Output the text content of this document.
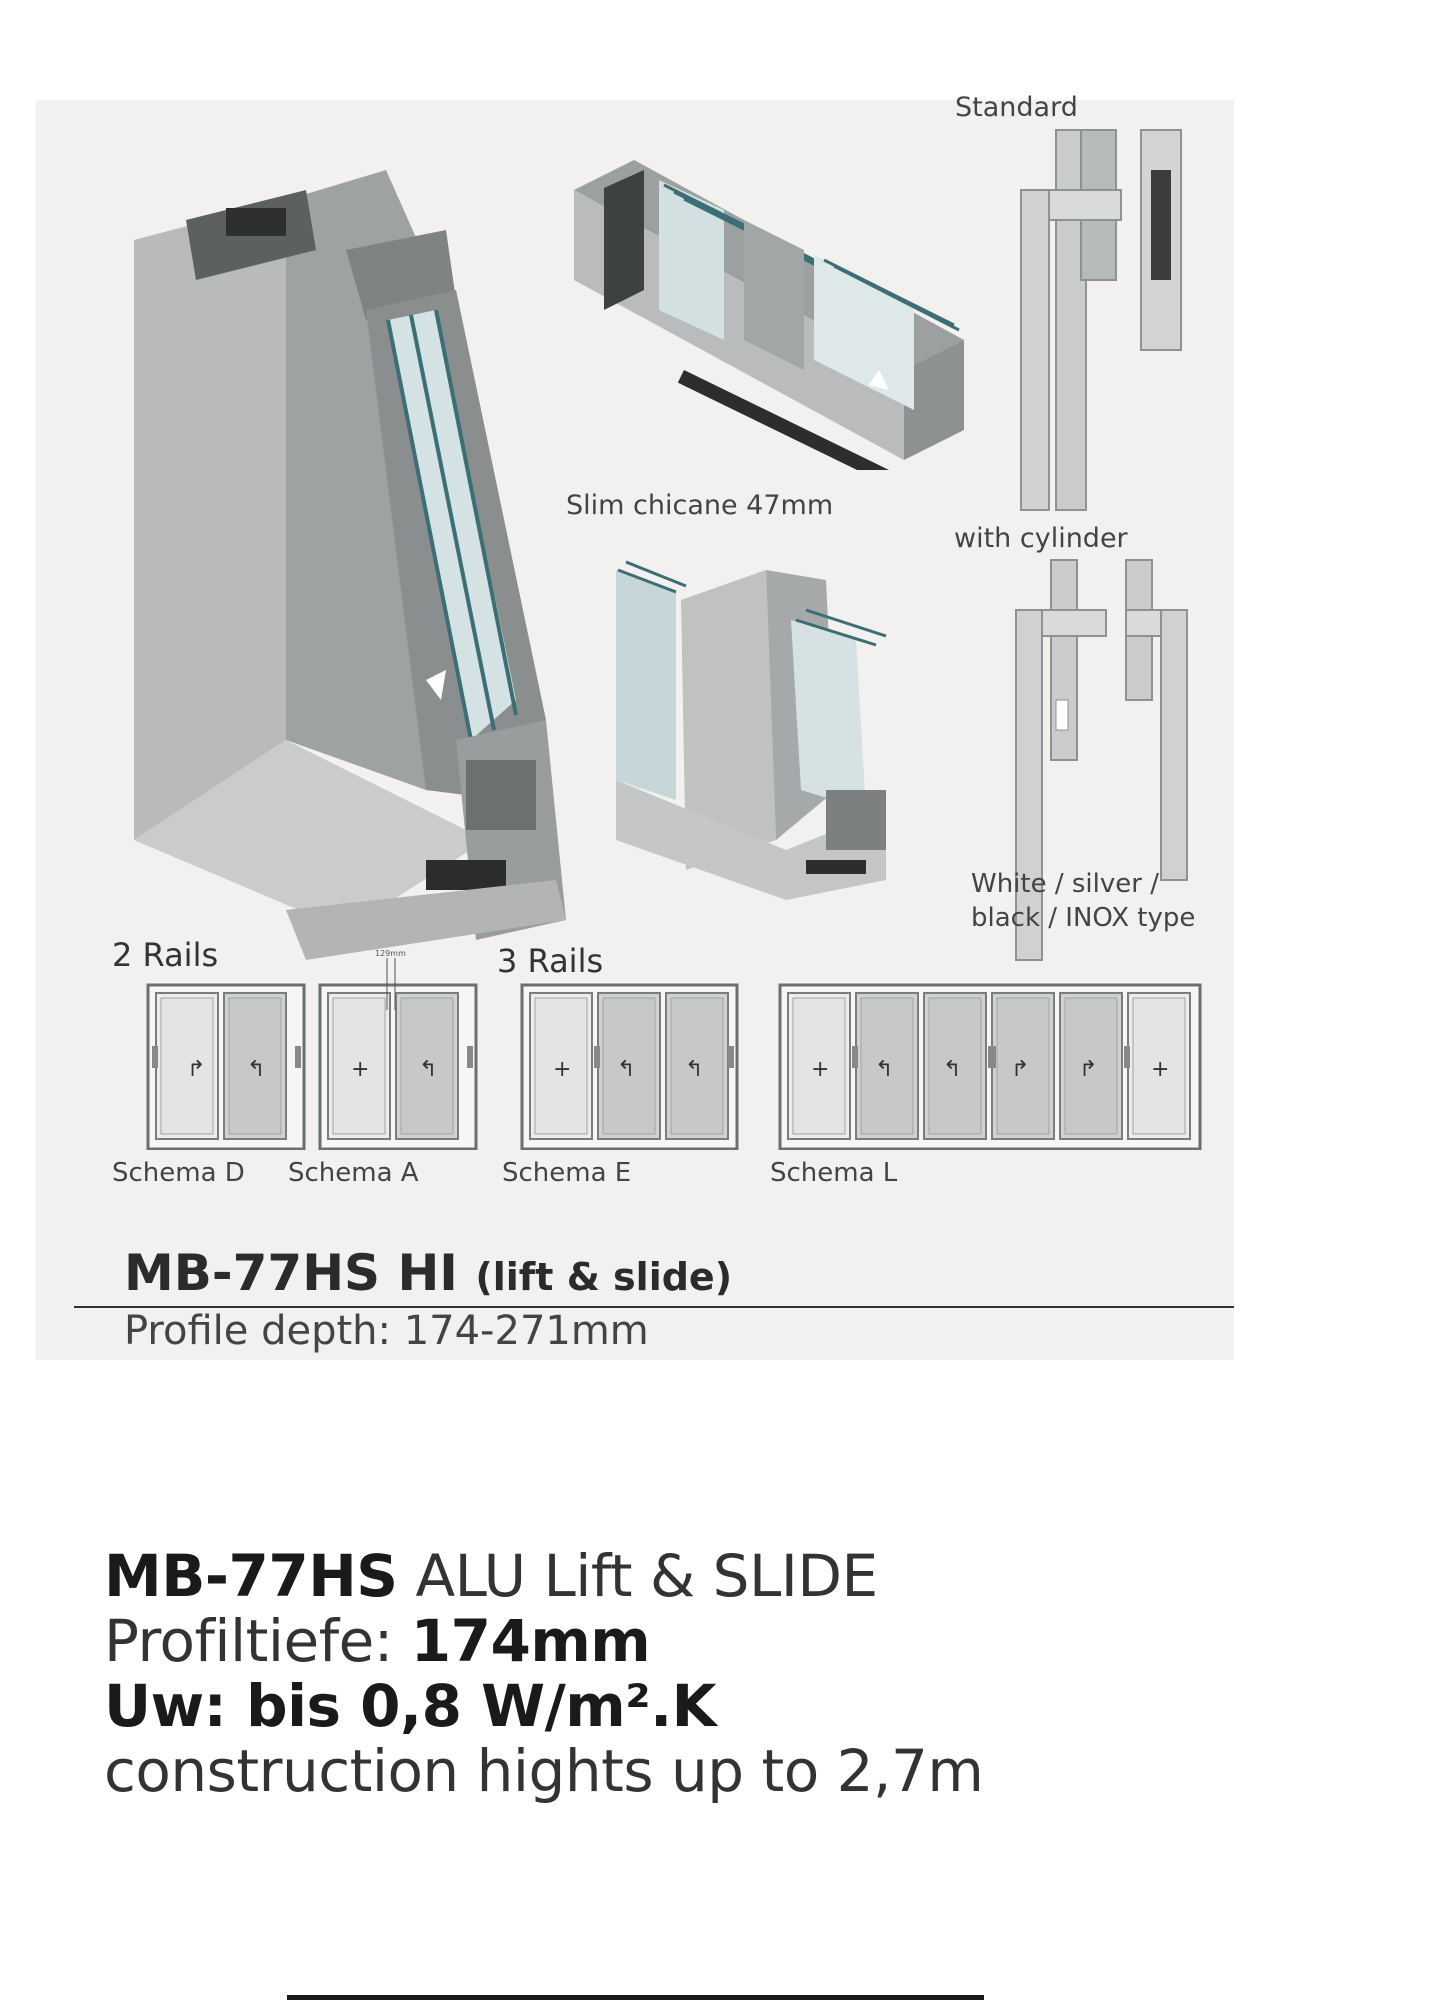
Standard
Slim chicane 47mm
with cylinder
White / silver /
black / INOX type
2 Rails	3 Rails
↱ ↰	+ ↰
129mm
+ ↰ ↰	+ ↰ ↰ ↱ ↱ +
Schema D Schema A	Schema E	Schema L
MB-77HS HI (lift & slide)
Profile depth: 174-271mm
MB-77HS ALU Lift & SLIDE
Profiltiefe: 174mm
Uw: bis 0,8 W/m².K
construction hights up to 2,7m
